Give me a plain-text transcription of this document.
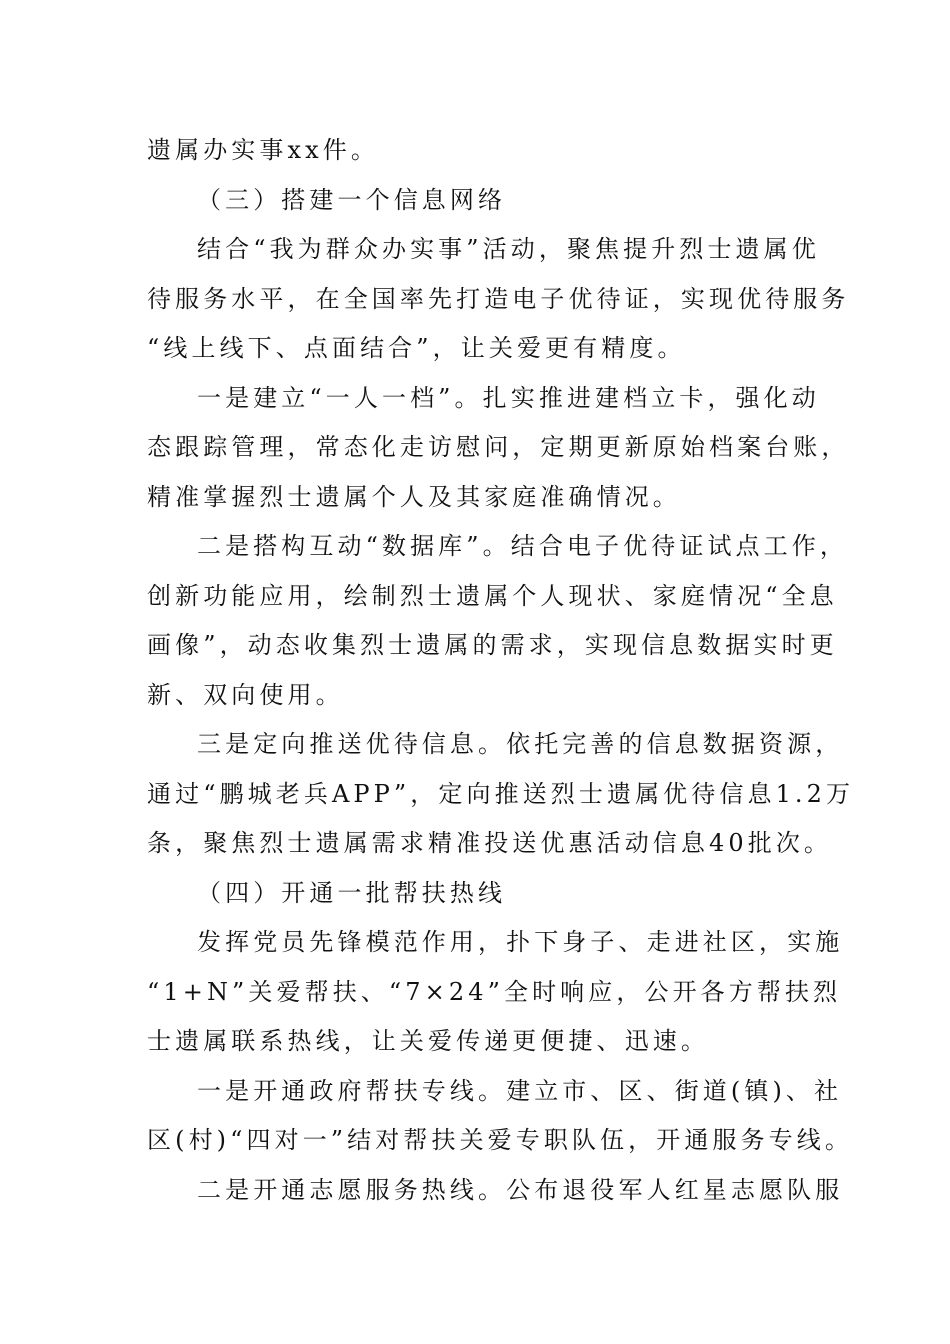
遗属办实事xx件。
（三）搭建一个信息网络
结合“我为群众办实事”活动，聚焦提升烈士遗属优
待服务水平，在全国率先打造电子优待证，实现优待服务
“线上线下、点面结合”，让关爱更有精度。
一是建立“一人一档”。扎实推进建档立卡，强化动
态跟踪管理，常态化走访慰问，定期更新原始档案台账，
精准掌握烈士遗属个人及其家庭准确情况。
二是搭构互动“数据库”。结合电子优待证试点工作，
创新功能应用，绘制烈士遗属个人现状、家庭情况“全息
画像”，动态收集烈士遗属的需求，实现信息数据实时更
新、双向使用。
三是定向推送优待信息。依托完善的信息数据资源，
通过“鹏城老兵APP”，定向推送烈士遗属优待信息1.2万
条，聚焦烈士遗属需求精准投送优惠活动信息40批次。
（四）开通一批帮扶热线
发挥党员先锋模范作用，扑下身子、走进社区，实施
“1+N”关爱帮扶、“7×24”全时响应，公开各方帮扶烈
士遗属联系热线，让关爱传递更便捷、迅速。
一是开通政府帮扶专线。建立市、区、街道(镇)、社
区(村)“四对一”结对帮扶关爱专职队伍，开通服务专线。
二是开通志愿服务热线。公布退役军人红星志愿队服
